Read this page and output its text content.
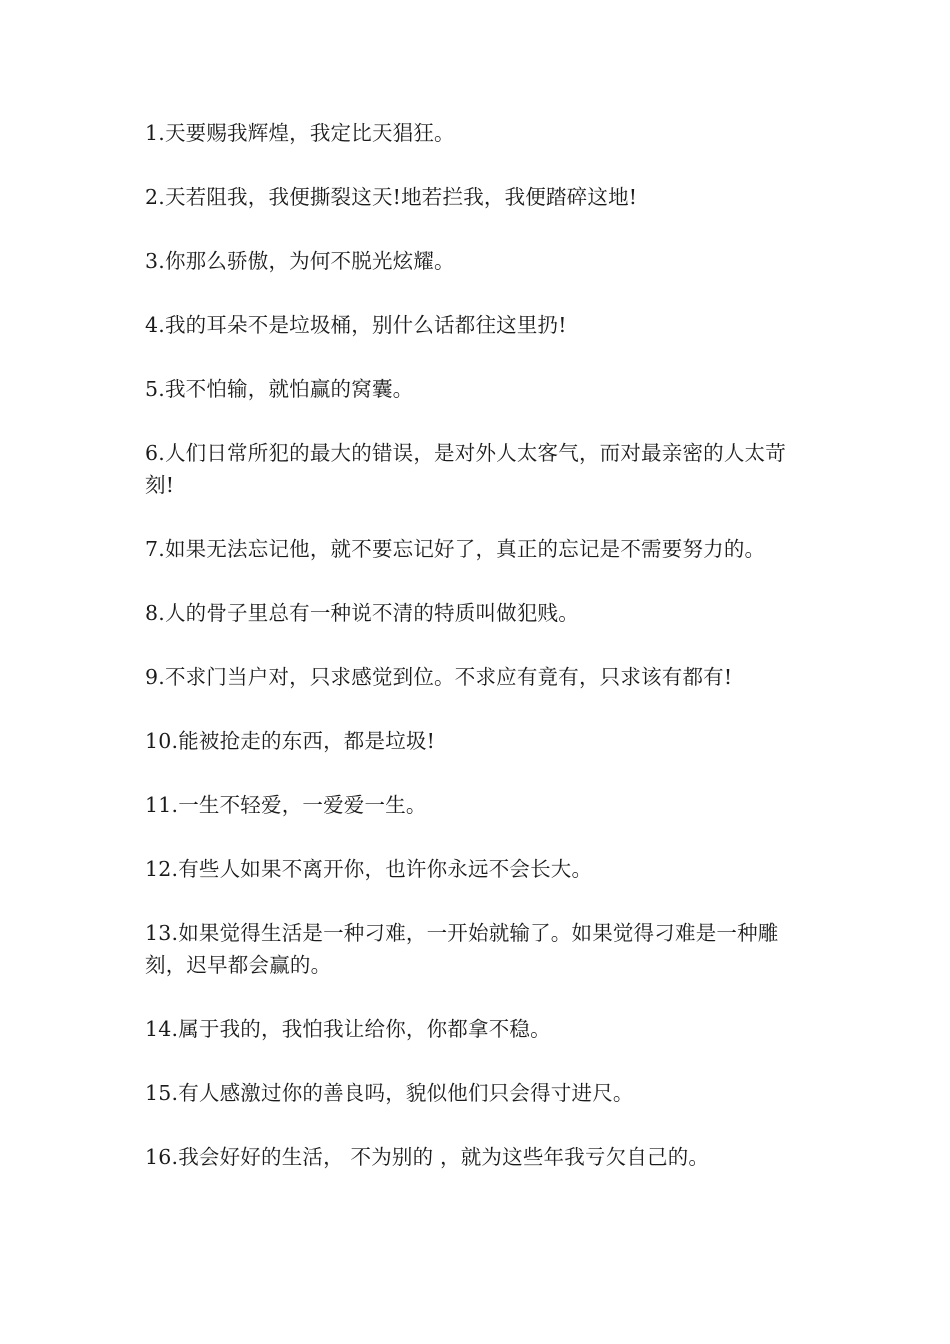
1.天要赐我辉煌，我定比天猖狂。

2.天若阻我，我便撕裂这天!地若拦我，我便踏碎这地!

3.你那么骄傲，为何不脱光炫耀。

4.我的耳朵不是垃圾桶，别什么话都往这里扔!

5.我不怕输，就怕赢的窝囊。

6.人们日常所犯的最大的错误，是对外人太客气，而对最亲密的人太苛刻!

7.如果无法忘记他，就不要忘记好了，真正的忘记是不需要努力的。

8.人的骨子里总有一种说不清的特质叫做犯贱。

9.不求门当户对，只求感觉到位。不求应有竟有，只求该有都有!

10.能被抢走的东西，都是垃圾!

11.一生不轻爱，一爱爱一生。

12.有些人如果不离开你，也许你永远不会长大。

13.如果觉得生活是一种刁难，一开始就输了。如果觉得刁难是一种雕刻，迟早都会赢的。

14.属于我的，我怕我让给你，你都拿不稳。

15.有人感激过你的善良吗，貌似他们只会得寸进尺。

16.我会好好的生活， 不为别的 ，就为这些年我亏欠自己的。
